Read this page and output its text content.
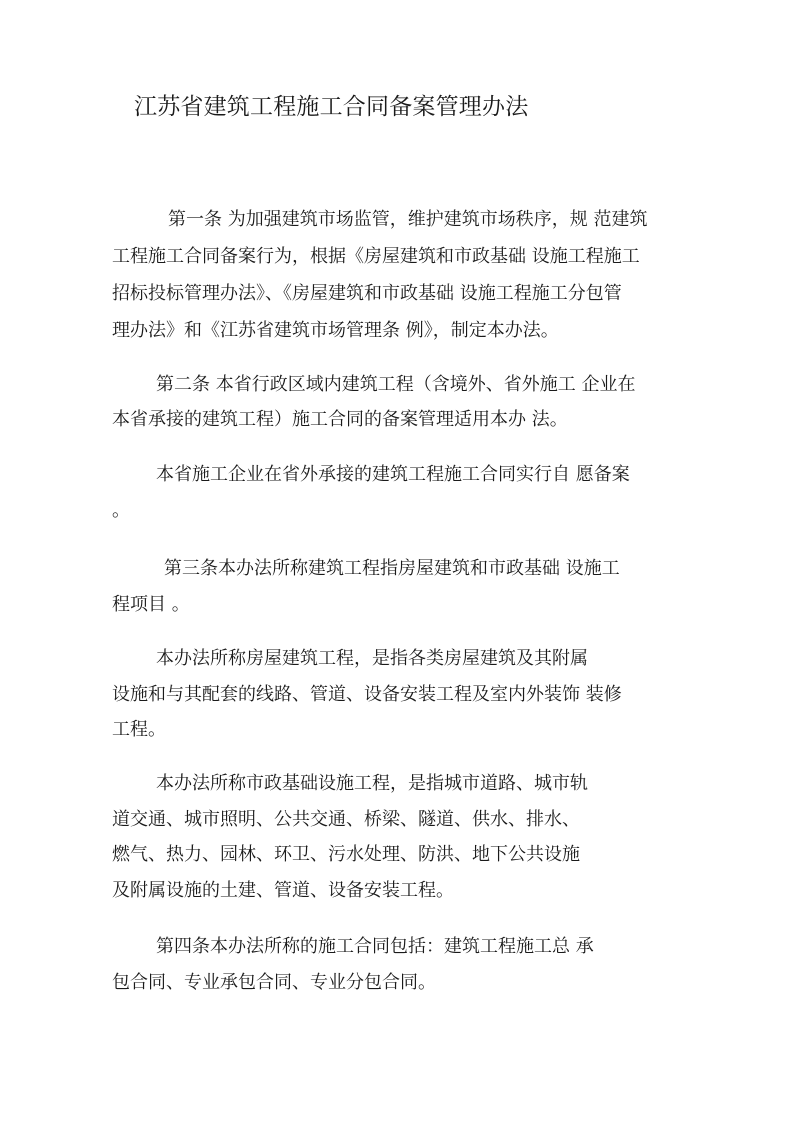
江苏省建筑工程施工合同备案管理办法
第一条 为加强建筑市场监管，维护建筑市场秩序，规 范建筑
工程施工合同备案行为，根据《房屋建筑和市政基础 设施工程施工
招标投标管理办法》、《房屋建筑和市政基础 设施工程施工分包管
理办法》和《江苏省建筑市场管理条 例》，制定本办法。
第二条 本省行政区域内建筑工程（含境外、省外施工 企业在
本省承接的建筑工程）施工合同的备案管理适用本办 法。
本省施工企业在省外承接的建筑工程施工合同实行自 愿备案
。
第三条本办法所称建筑工程指房屋建筑和市政基础 设施工
程项目 。
本办法所称房屋建筑工程，是指各类房屋建筑及其附属
设施和与其配套的线路、管道、设备安装工程及室内外装饰 装修
工程。
本办法所称市政基础设施工程，是指城市道路、城市轨
道交通、城市照明、公共交通、桥梁、隧道、供水、排水、
燃气、热力、园林、环卫、污水处理、防洪、地下公共设施
及附属设施的土建、管道、设备安装工程。
第四条本办法所称的施工合同包括：建筑工程施工总 承
包合同、专业承包合同、专业分包合同。
